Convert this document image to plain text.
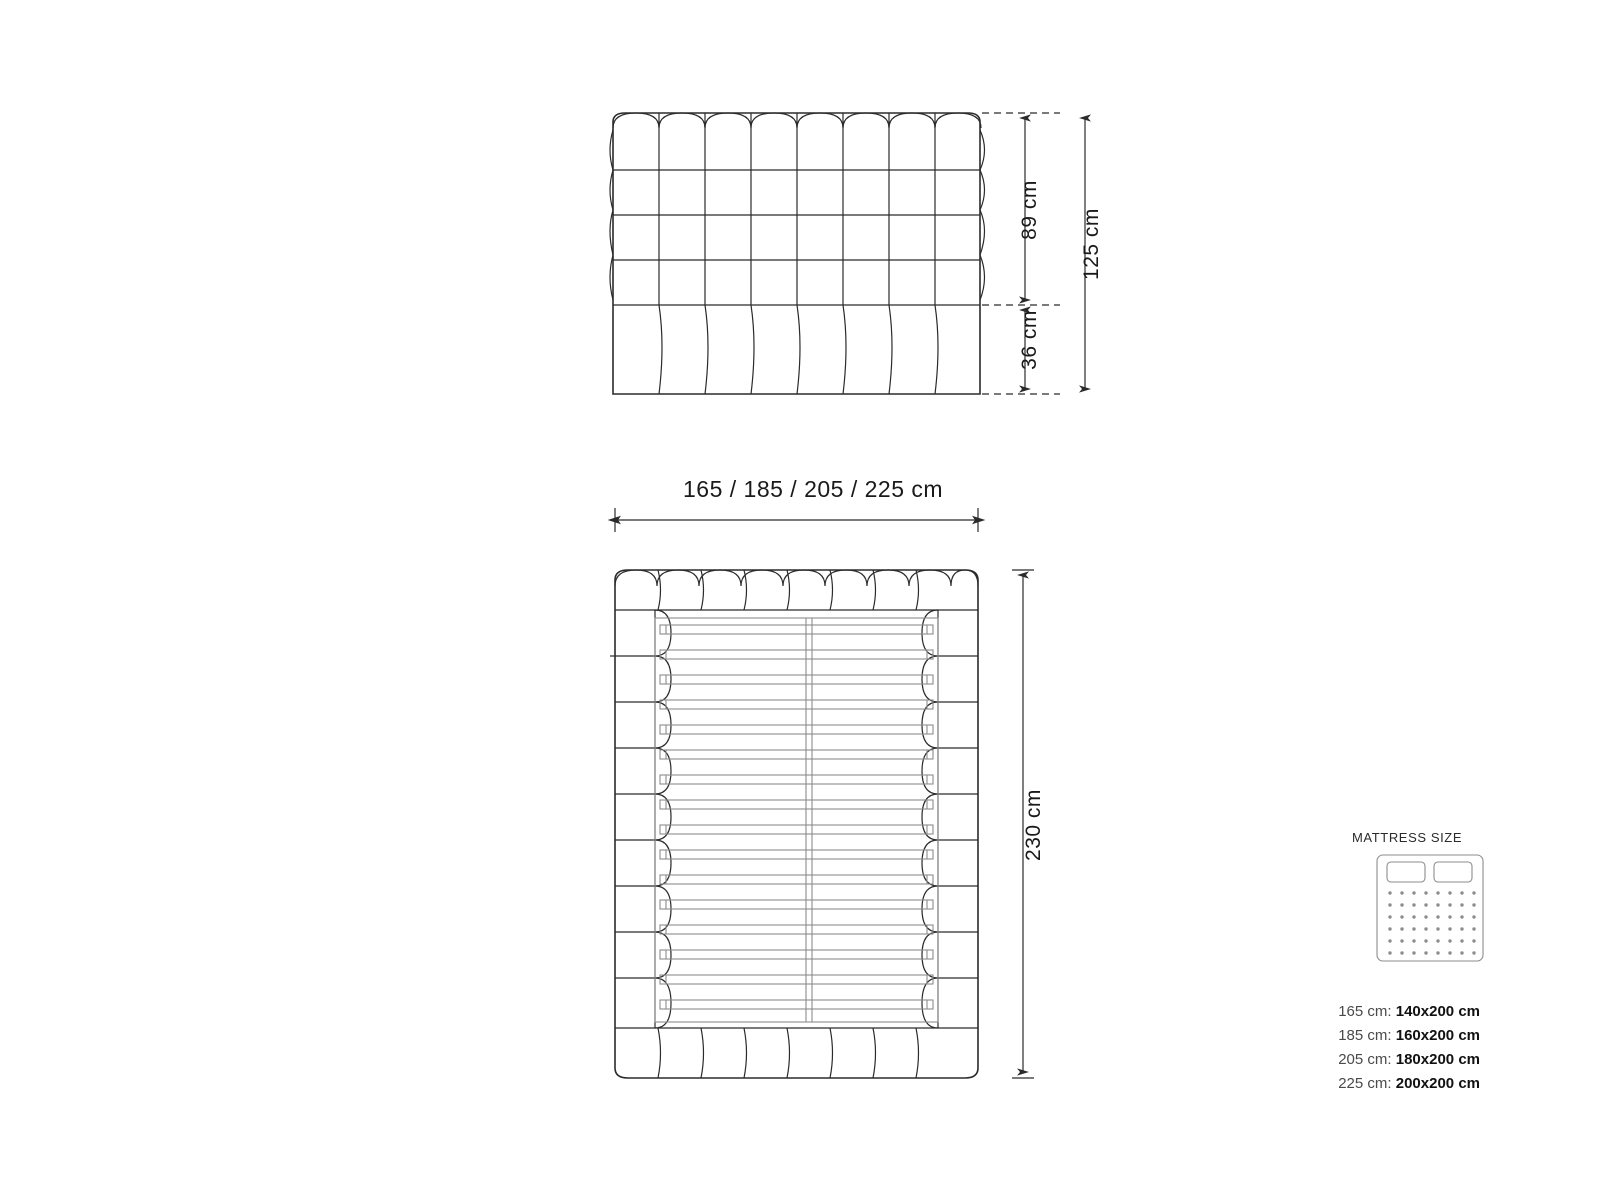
89 cm
36 cm
125 cm
165 / 185 / 205 / 225 cm
230 cm	MATTRESS SIZE
165 cm: 140x200 cm
185 cm: 160x200 cm
205 cm: 180x200 cm
225 cm: 200x200 cm
